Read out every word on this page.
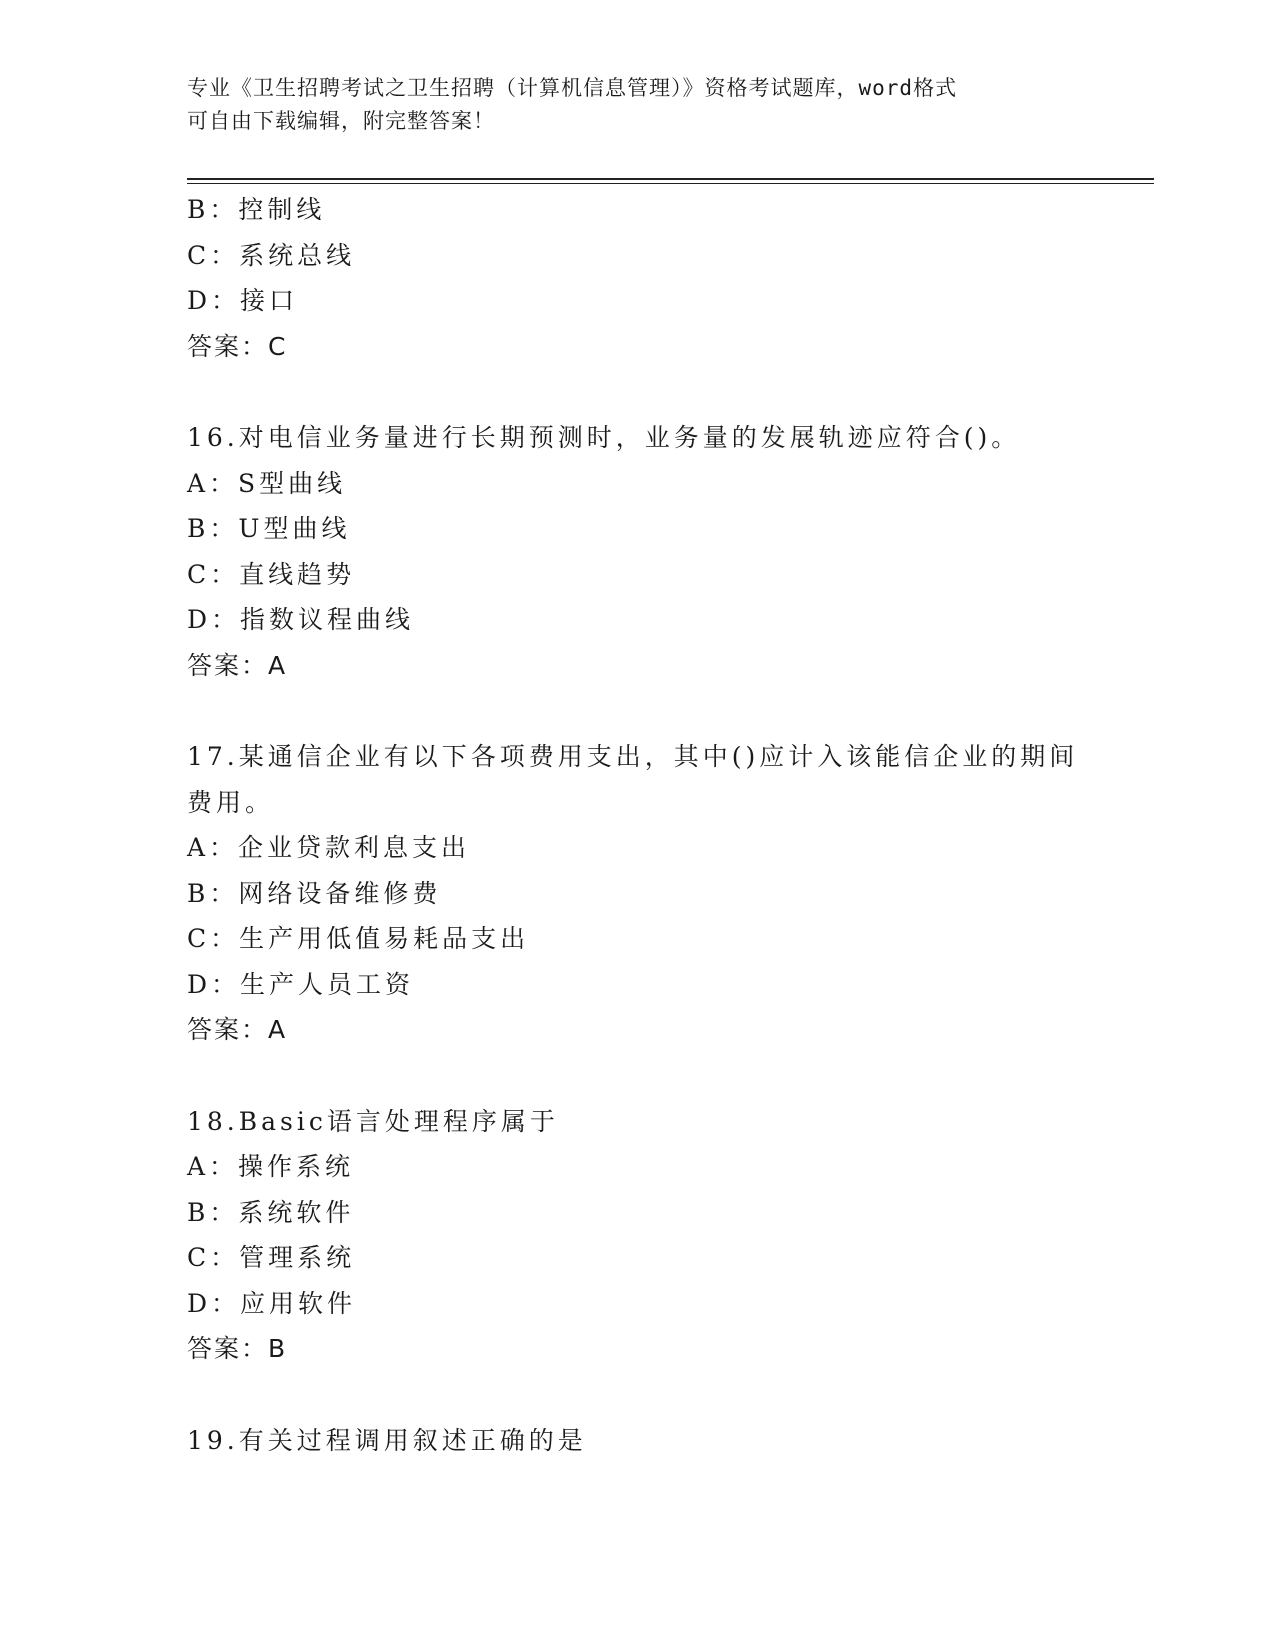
专业《卫生招聘考试之卫生招聘（计算机信息管理）》资格考试题库，word格式
可自由下载编辑，附完整答案！
B：控制线
C：系统总线
D：接口
答案：C
16.对电信业务量进行长期预测时，业务量的发展轨迹应符合()。
A：S型曲线
B：U型曲线
C：直线趋势
D：指数议程曲线
答案：A
17.某通信企业有以下各项费用支出，其中()应计入该能信企业的期间
费用。
A：企业贷款利息支出
B：网络设备维修费
C：生产用低值易耗品支出
D：生产人员工资
答案：A
18.Basic语言处理程序属于
A：操作系统
B：系统软件
C：管理系统
D：应用软件
答案：B
19.有关过程调用叙述正确的是
